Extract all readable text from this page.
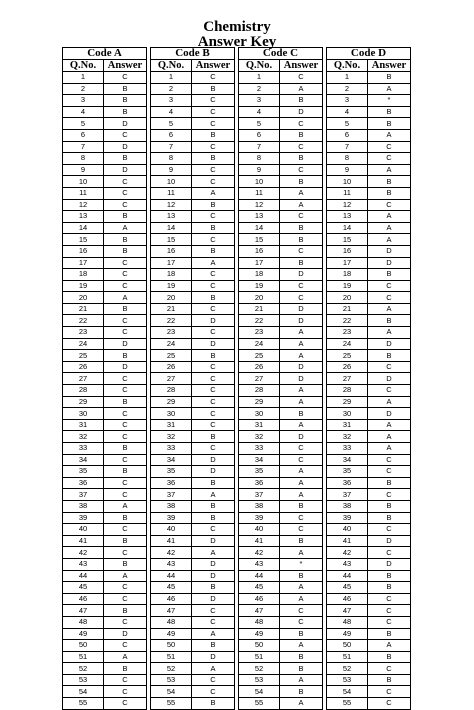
Chemistry
Answer Key
Code A			Code B			Code C			Code D	
Q.No.	Answer		Q.No.	Answer		Q.No.	Answer		Q.No.	Answer
1	C		1	C		1	C		1	B
2	B		2	B		2	A		2	A
3	B		3	C		3	B		3	*
4	B		4	C		4	D		4	B
5	D		5	C		5	C		5	B
6	C		6	B		6	B		6	A
7	D		7	C		7	C		7	C
8	B		8	B		8	B		8	C
9	D		9	C		9	C		9	A
10	C		10	C		10	B		10	B
11	C		11	A		11	A		11	B
12	C		12	B		12	A		12	C
13	B		13	C		13	C		13	A
14	A		14	B		14	B		14	A
15	B		15	C		15	B		15	A
16	B		16	B		16	C		16	D
17	C		17	A		17	B		17	D
18	C		18	C		18	D		18	B
19	C		19	C		19	C		19	C
20	A		20	B		20	C		20	C
21	B		21	C		21	D		21	A
22	C		22	D		22	D		22	B
23	C		23	C		23	A		23	A
24	D		24	D		24	A		24	D
25	B		25	B		25	A		25	B
26	D		26	C		26	D		26	C
27	C		27	C		27	D		27	D
28	C		28	C		28	A		28	C
29	B		29	C		29	A		29	A
30	C		30	C		30	B		30	D
31	C		31	C		31	A		31	A
32	C		32	B		32	D		32	A
33	B		33	C		33	C		33	A
34	C		34	D		34	C		34	C
35	B		35	D		35	A		35	C
36	C		36	B		36	A		36	B
37	C		37	A		37	A		37	C
38	A		38	B		38	B		38	B
39	B		39	B		39	C		39	B
40	C		40	C		40	C		40	C
41	B		41	D		41	B		41	D
42	C		42	A		42	A		42	C
43	B		43	D		43	*		43	D
44	A		44	D		44	B		44	B
45	C		45	B		45	A		45	B
46	C		46	D		46	A		46	C
47	B		47	C		47	C		47	C
48	C		48	C		48	C		48	C
49	D		49	A		49	B		49	B
50	C		50	B		50	A		50	A
51	A		51	D		51	B		51	B
52	B		52	A		52	B		52	C
53	C		53	C		53	A		53	B
54	C		54	C		54	B		54	C
55	C		55	B		55	A		55	C
